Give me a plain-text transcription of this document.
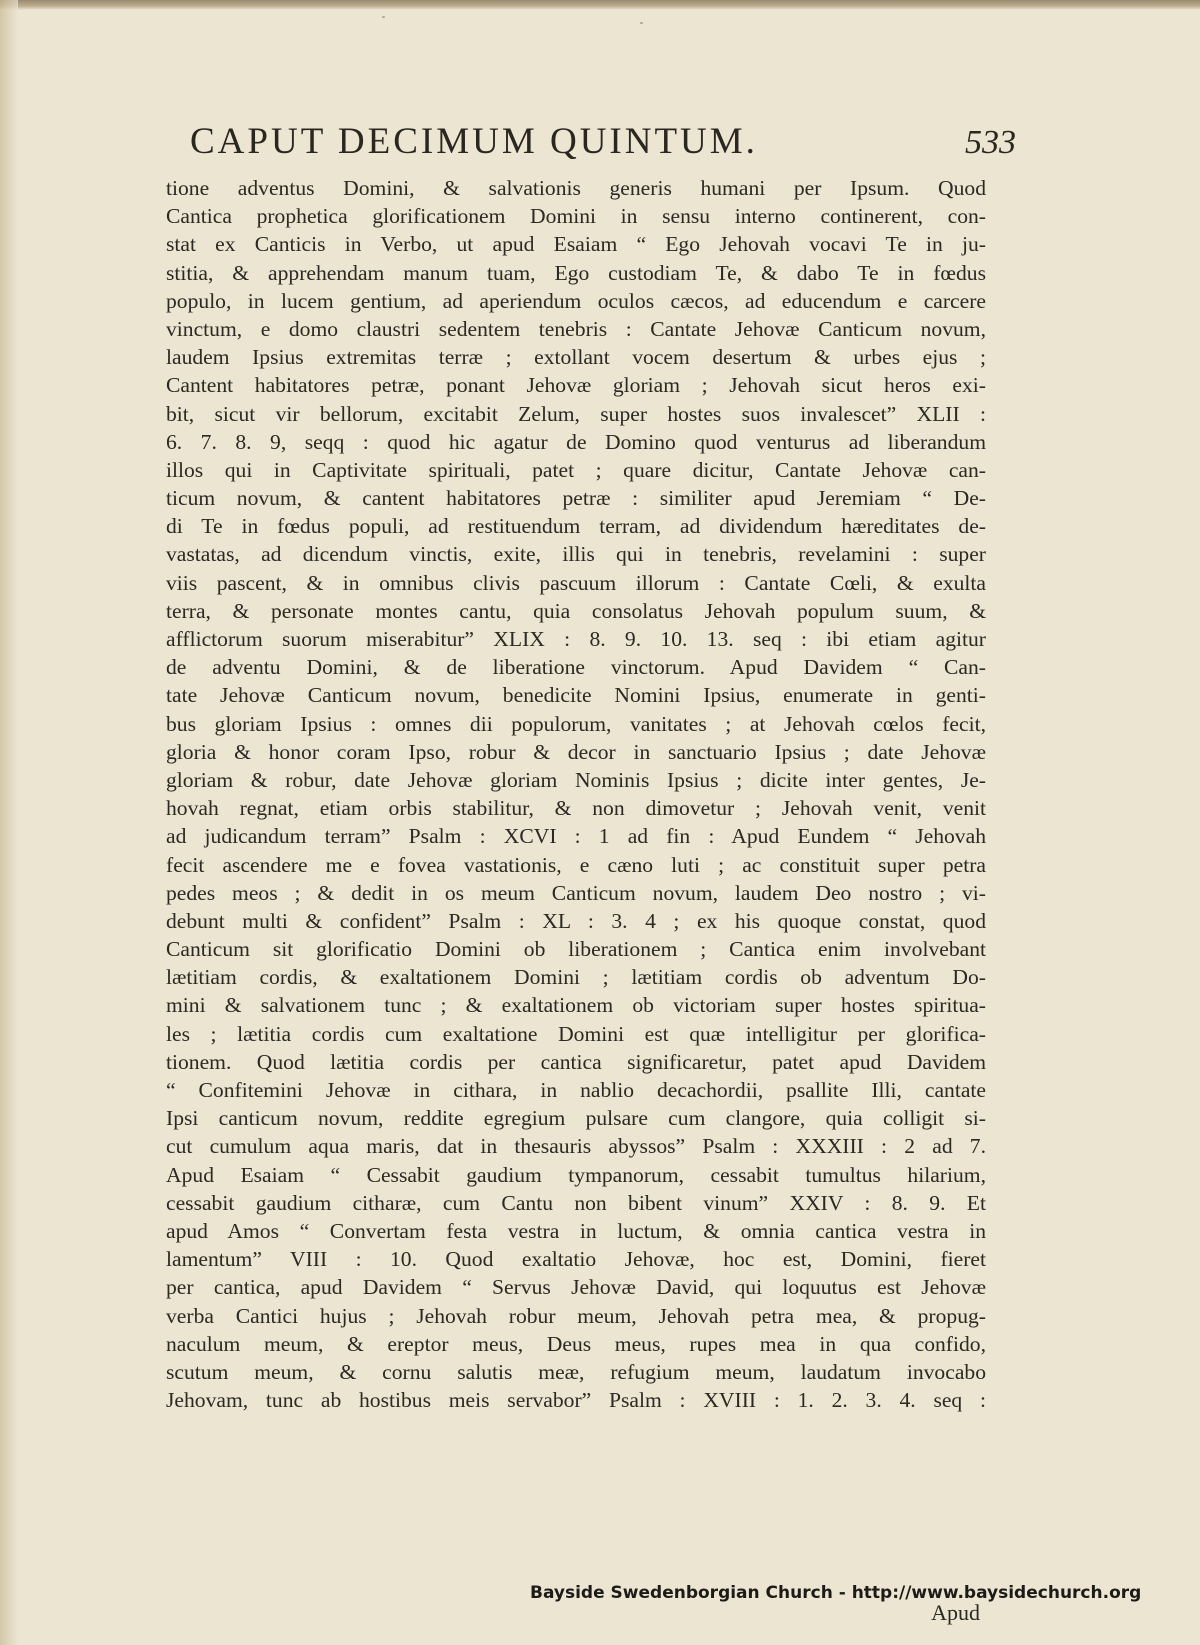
CAPUT DECIMUM QUINTUM.	533
tione adventus Domini, & salvationis generis humani per Ipsum. Quod
Cantica prophetica glorificationem Domini in sensu interno continerent, con-
stat ex Canticis in Verbo, ut apud Esaiam “ Ego Jehovah vocavi Te in ju-
stitia, & apprehendam manum tuam, Ego custodiam Te, & dabo Te in fœdus
populo, in lucem gentium, ad aperiendum oculos cæcos, ad educendum e carcere
vinctum, e domo claustri sedentem tenebris : Cantate Jehovæ Canticum novum,
laudem Ipsius extremitas terræ ; extollant vocem desertum & urbes ejus ;
Cantent habitatores petræ, ponant Jehovæ gloriam ; Jehovah sicut heros exi-
bit, sicut vir bellorum, excitabit Zelum, super hostes suos invalescet” XLII :
6. 7. 8. 9, seqq : quod hic agatur de Domino quod venturus ad liberandum
illos qui in Captivitate spirituali, patet ; quare dicitur, Cantate Jehovæ can-
ticum novum, & cantent habitatores petræ : similiter apud Jeremiam “ De-
di Te in fœdus populi, ad restituendum terram, ad dividendum hæreditates de-
vastatas, ad dicendum vinctis, exite, illis qui in tenebris, revelamini : super
viis pascent, & in omnibus clivis pascuum illorum : Cantate Cœli, & exulta
terra, & personate montes cantu, quia consolatus Jehovah populum suum, &
afflictorum suorum miserabitur” XLIX : 8. 9. 10. 13. seq : ibi etiam agitur
de adventu Domini, & de liberatione vinctorum. Apud Davidem “ Can-
tate Jehovæ Canticum novum, benedicite Nomini Ipsius, enumerate in genti-
bus gloriam Ipsius : omnes dii populorum, vanitates ; at Jehovah cœlos fecit,
gloria & honor coram Ipso, robur & decor in sanctuario Ipsius ; date Jehovæ
gloriam & robur, date Jehovæ gloriam Nominis Ipsius ; dicite inter gentes, Je-
hovah regnat, etiam orbis stabilitur, & non dimovetur ; Jehovah venit, venit
ad judicandum terram” Psalm : XCVI : 1 ad fin : Apud Eundem “ Jehovah
fecit ascendere me e fovea vastationis, e cæno luti ; ac constituit super petra
pedes meos ; & dedit in os meum Canticum novum, laudem Deo nostro ; vi-
debunt multi & confident” Psalm : XL : 3. 4 ; ex his quoque constat, quod
Canticum sit glorificatio Domini ob liberationem ; Cantica enim involvebant
lætitiam cordis, & exaltationem Domini ; lætitiam cordis ob adventum Do-
mini & salvationem tunc ; & exaltationem ob victoriam super hostes spiritua-
les ; lætitia cordis cum exaltatione Domini est quæ intelligitur per glorifica-
tionem. Quod lætitia cordis per cantica significaretur, patet apud Davidem
“ Confitemini Jehovæ in cithara, in nablio decachordii, psallite Illi, cantate
Ipsi canticum novum, reddite egregium pulsare cum clangore, quia colligit si-
cut cumulum aqua maris, dat in thesauris abyssos” Psalm : XXXIII : 2 ad 7.
Apud Esaiam “ Cessabit gaudium tympanorum, cessabit tumultus hilarium,
cessabit gaudium citharæ, cum Cantu non bibent vinum” XXIV : 8. 9. Et
apud Amos “ Convertam festa vestra in luctum, & omnia cantica vestra in
lamentum” VIII : 10. Quod exaltatio Jehovæ, hoc est, Domini, fieret
per cantica, apud Davidem “ Servus Jehovæ David, qui loquutus est Jehovæ
verba Cantici hujus ; Jehovah robur meum, Jehovah petra mea, & propug-
naculum meum, & ereptor meus, Deus meus, rupes mea in qua confido,
scutum meum, & cornu salutis meæ, refugium meum, laudatum invocabo
Jehovam, tunc ab hostibus meis servabor” Psalm : XVIII : 1. 2. 3. 4. seq :
Apud
Bayside Swedenborgian Church - http://www.baysidechurch.org
